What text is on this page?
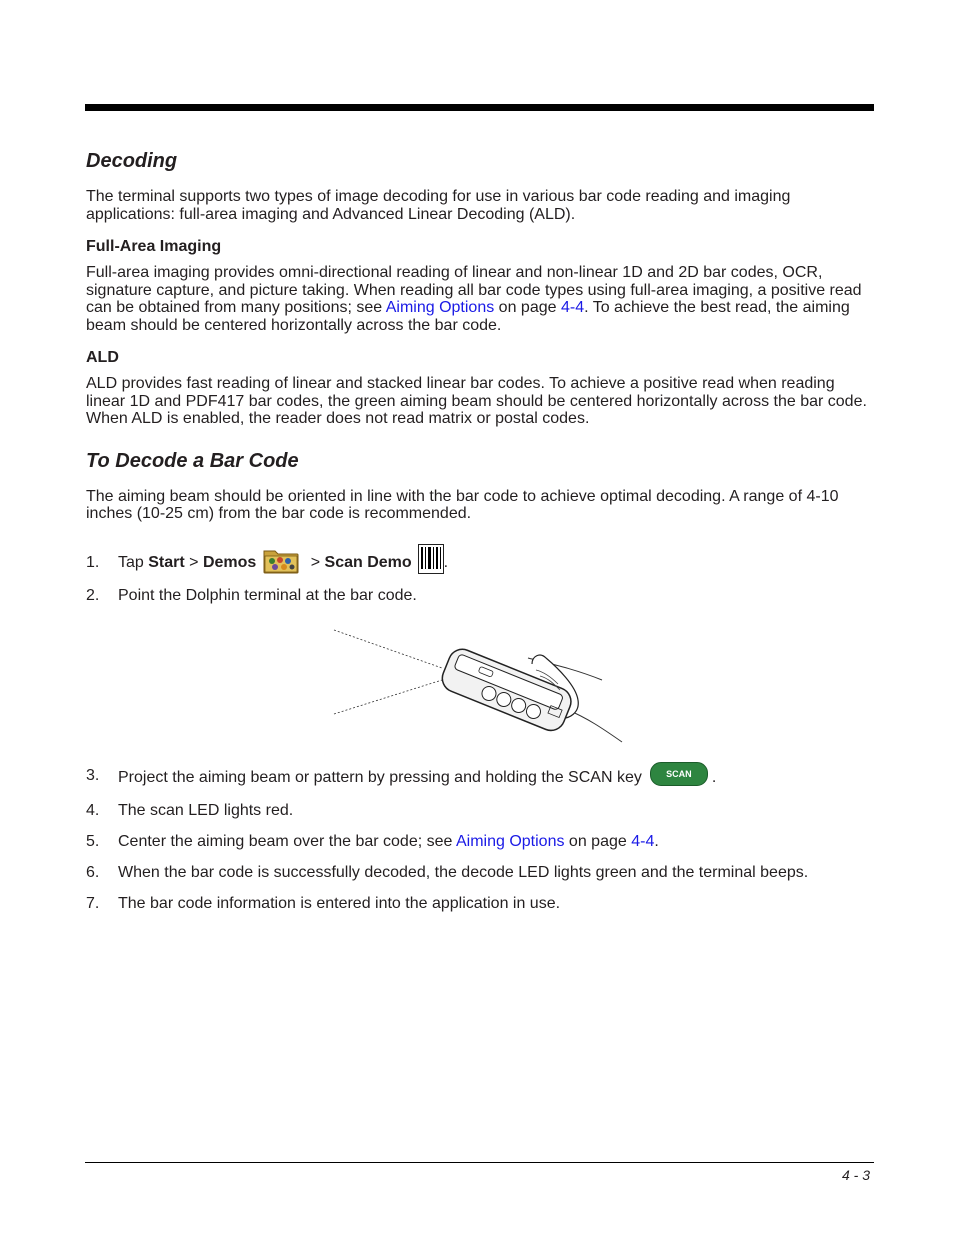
Decoding

The terminal supports two types of image decoding for use in various bar code reading and imaging applications: full-area imaging and Advanced Linear Decoding (ALD).

Full-Area Imaging

Full-area imaging provides omni-directional reading of linear and non-linear 1D and 2D bar codes, OCR, signature capture, and picture taking. When reading all bar code types using full-area imaging, a positive read can be obtained from many positions; see Aiming Options on page 4-4. To achieve the best read, the aiming beam should be centered horizontally across the bar code.

ALD

ALD provides fast reading of linear and stacked linear bar codes. To achieve a positive read when reading linear 1D and PDF417 bar codes, the green aiming beam should be centered horizontally across the bar code. When ALD is enabled, the reader does not read matrix or postal codes.

To Decode a Bar Code

The aiming beam should be oriented in line with the bar code to achieve optimal decoding. A range of 4-10 inches (10-25 cm) from the bar code is recommended.

1. Tap Start > Demos	> Scan Demo .
2. Point the Dolphin terminal at the bar code.
3. Project the aiming beam or pattern by pressing and holding the SCAN key	SCAN .
4. The scan LED lights red.
5. Center the aiming beam over the bar code; see Aiming Options on page 4-4.
6. When the bar code is successfully decoded, the decode LED lights green and the terminal beeps.
7. The bar code information is entered into the application in use.
4 - 3
